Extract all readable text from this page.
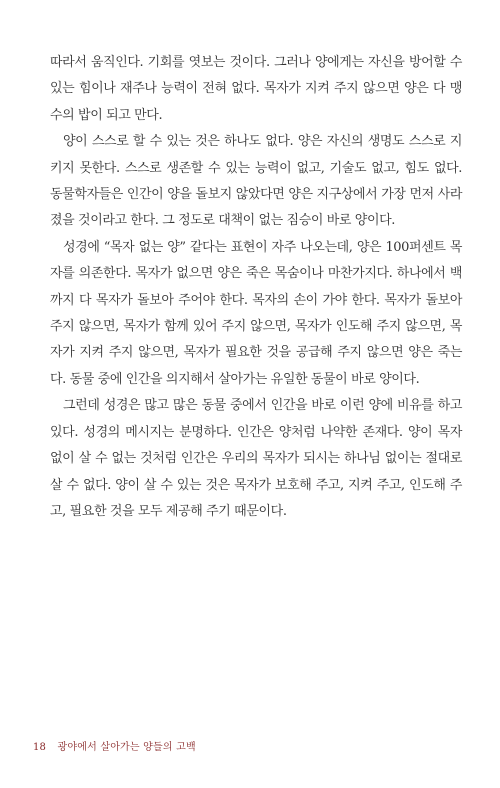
따라서 움직인다. 기회를 엿보는 것이다. 그러나 양에게는 자신을 방어할 수 있는 힘이나 재주나 능력이 전혀 없다. 목자가 지켜 주지 않으면 양은 다 맹수의 밥이 되고 만다.

양이 스스로 할 수 있는 것은 하나도 없다. 양은 자신의 생명도 스스로 지키지 못한다. 스스로 생존할 수 있는 능력이 없고, 기술도 없고, 힘도 없다. 동물학자들은 인간이 양을 돌보지 않았다면 양은 지구상에서 가장 먼저 사라졌을 것이라고 한다. 그 정도로 대책이 없는 짐승이 바로 양이다.

성경에 “목자 없는 양” 같다는 표현이 자주 나오는데, 양은 100퍼센트 목자를 의존한다. 목자가 없으면 양은 죽은 목숨이나 마찬가지다. 하나에서 백까지 다 목자가 돌보아 주어야 한다. 목자의 손이 가야 한다. 목자가 돌보아 주지 않으면, 목자가 함께 있어 주지 않으면, 목자가 인도해 주지 않으면, 목자가 지켜 주지 않으면, 목자가 필요한 것을 공급해 주지 않으면 양은 죽는다. 동물 중에 인간을 의지해서 살아가는 유일한 동물이 바로 양이다.

그런데 성경은 많고 많은 동물 중에서 인간을 바로 이런 양에 비유를 하고 있다. 성경의 메시지는 분명하다. 인간은 양처럼 나약한 존재다. 양이 목자 없이 살 수 없는 것처럼 인간은 우리의 목자가 되시는 하나님 없이는 절대로 살 수 없다. 양이 살 수 있는 것은 목자가 보호해 주고, 지켜 주고, 인도해 주고, 필요한 것을 모두 제공해 주기 때문이다.

18 광야에서 살아가는 양들의 고백
